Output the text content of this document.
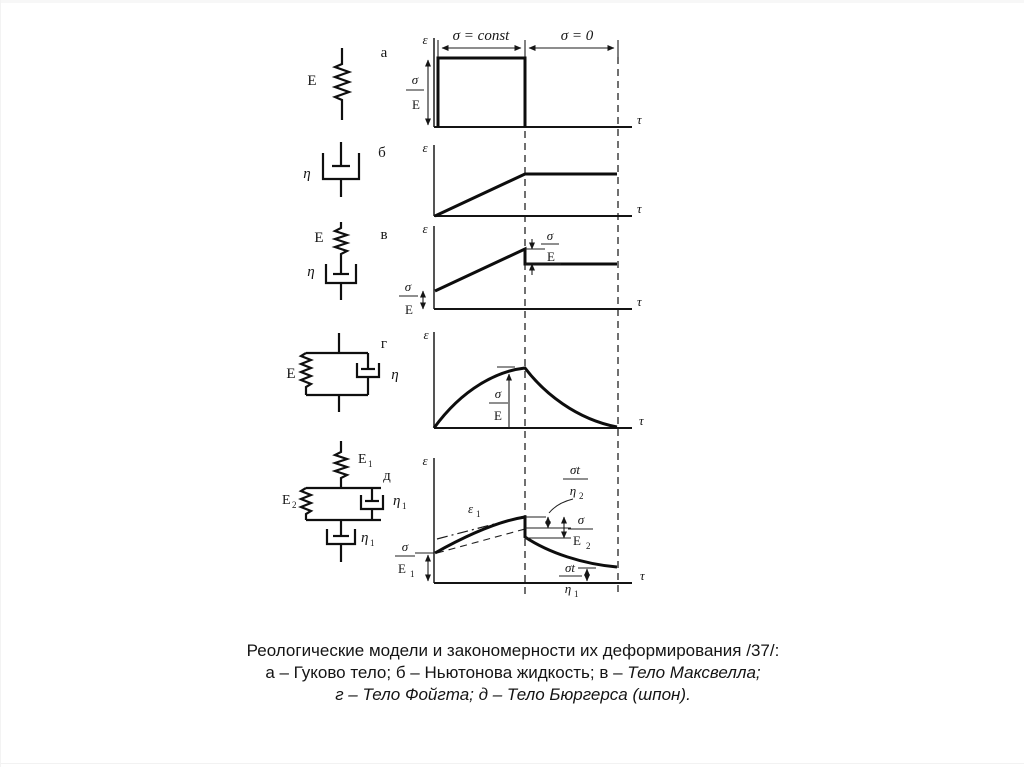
E
а
σ = const	σ = 0
ε
τ
σ
E
η
б	ε
τ
E
η
в	ε
τ
σ
E
σ
E
E	η
г
ε
τ
σ
E
E 1
E 2	η 1
η 1
д
ε
τ
ε 1
σ
E 1
σt
η 2
σ
E 2
σt
η 1
Реологические модели и закономерности их деформирования /37/:
а – Гуково тело; б – Ньютонова жидкость; в – Тело Максвелла;
г – Тело Фойгта; д – Тело Бюргерса (шпон).
